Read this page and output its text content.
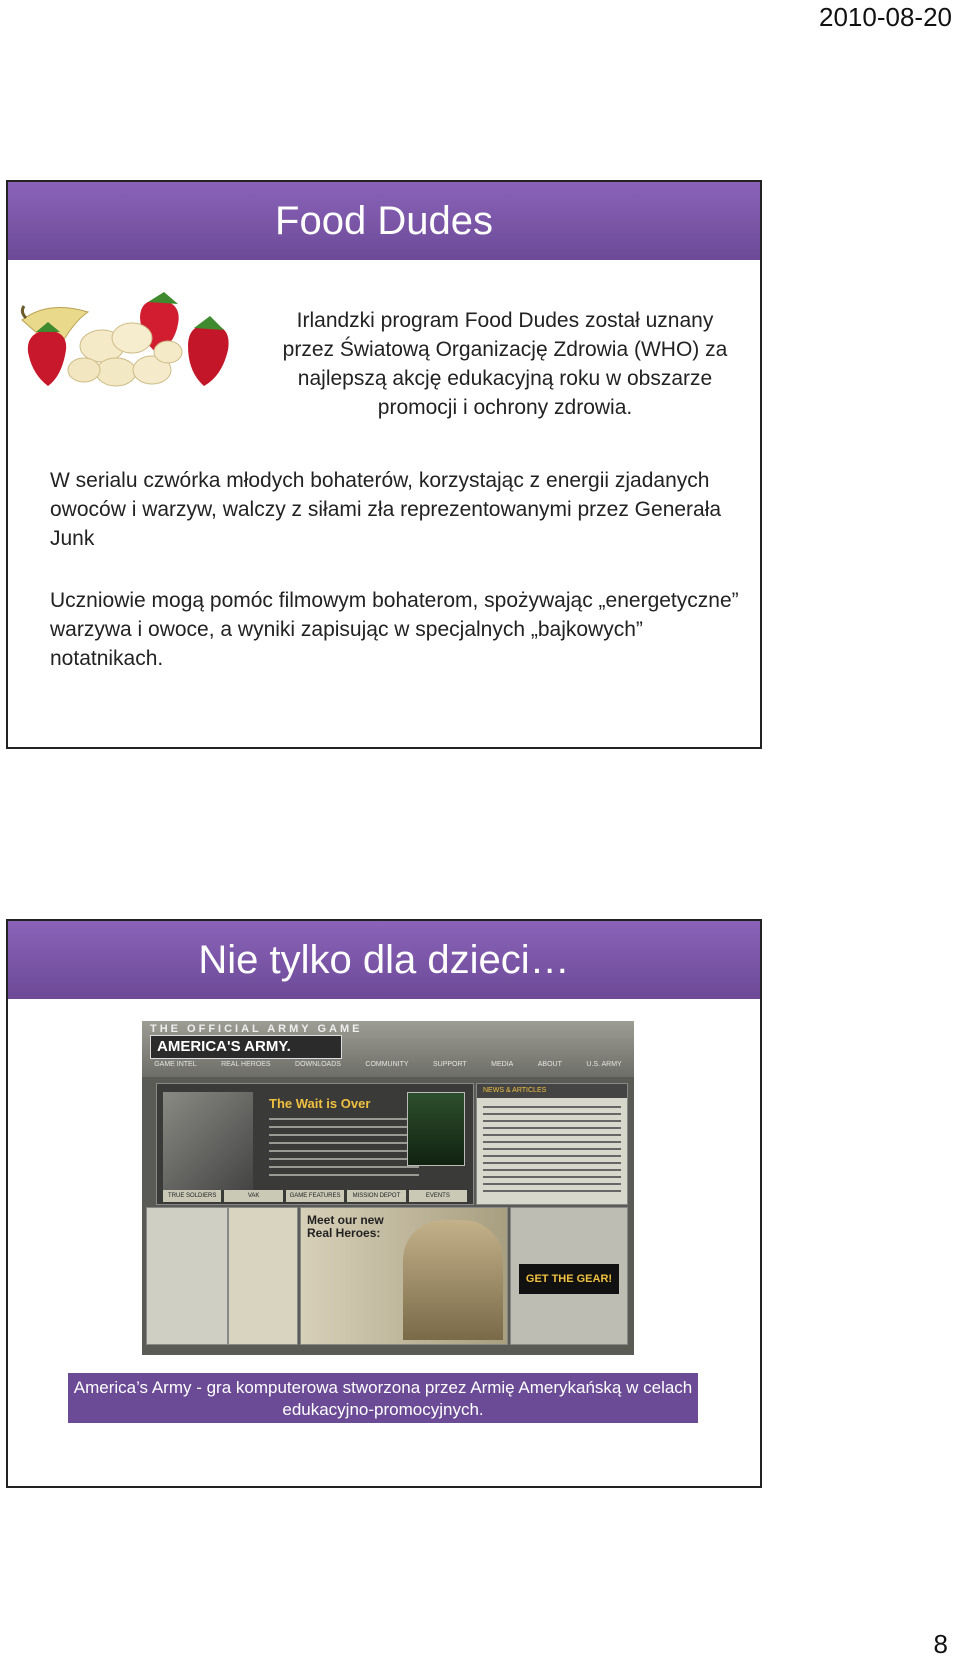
2010-08-20
Food Dudes
Irlandzki program Food Dudes został uznany przez Światową Organizację Zdrowia (WHO) za najlepszą akcję edukacyjną roku w obszarze promocji i ochrony zdrowia.
W serialu czwórka młodych bohaterów, korzystając z energii zjadanych owoców i warzyw, walczy z siłami zła reprezentowanymi przez Generała Junk
Uczniowie mogą pomóc filmowym bohaterom, spożywając „energetyczne” warzywa i owoce, a wyniki zapisując w specjalnych „bajkowych” notatnikach.
Nie tylko dla dzieci…
THE OFFICIAL ARMY GAME
AMERICA'S ARMY.
GAME INTEL	REAL HEROES	DOWNLOADS	COMMUNITY	SUPPORT	MEDIA	ABOUT	U.S. ARMY
The Wait is Over
TRUE SOLDIERS	VAK	GAME FEATURES	MISSION DEPOT	EVENTS
NEWS & ARTICLES
Meet our new Real Heroes:
GET THE GEAR!
America’s Army - gra komputerowa stworzona przez Armię Amerykańską w celach edukacyjno-promocyjnych.
8
